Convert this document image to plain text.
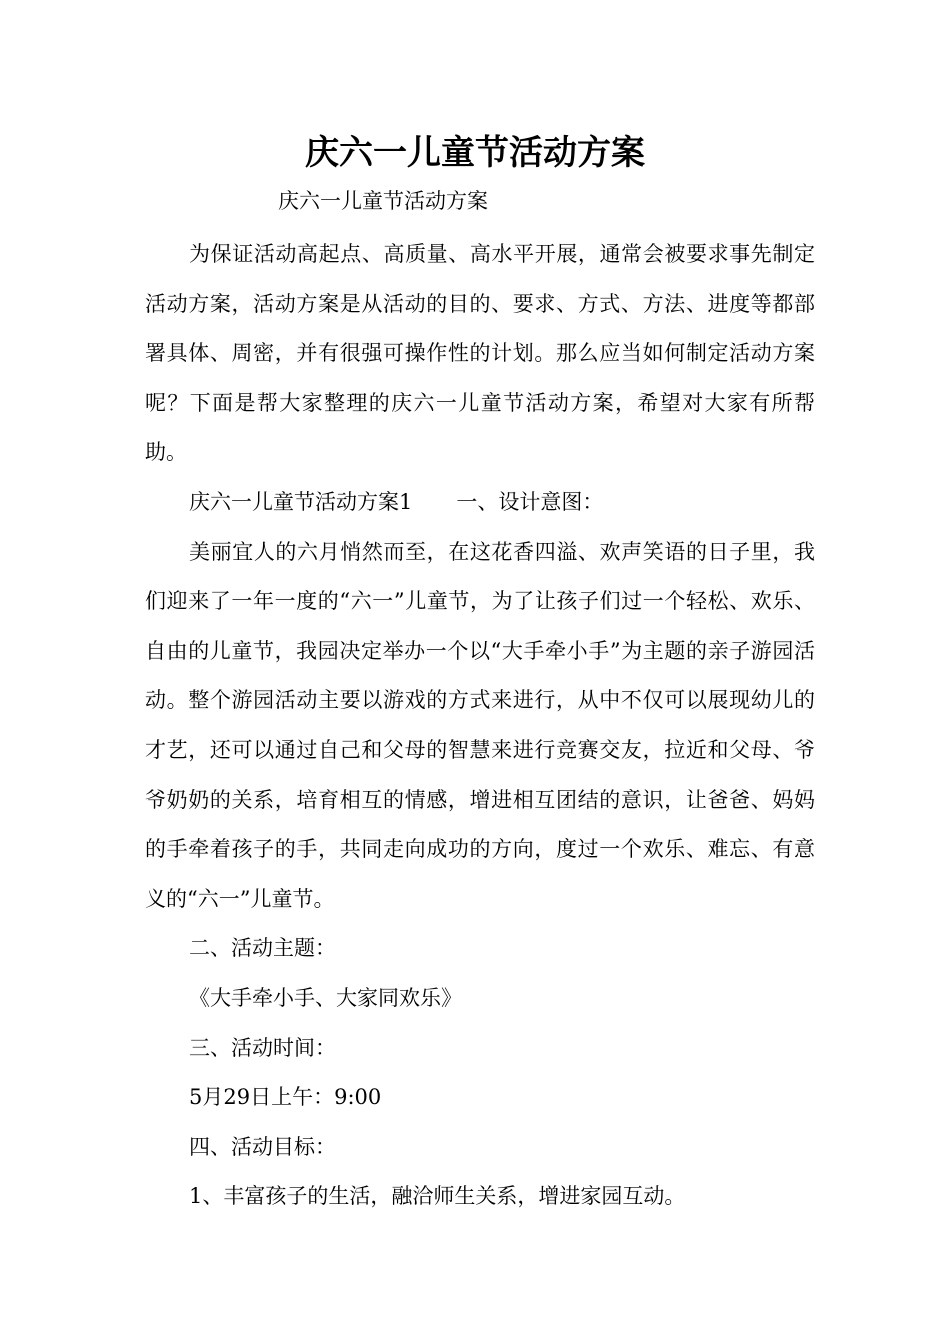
庆六一儿童节活动方案

庆六一儿童节活动方案

为保证活动高起点、高质量、高水平开展，通常会被要求事先制定活动方案，活动方案是从活动的目的、要求、方式、方法、进度等都部署具体、周密，并有很强可操作性的计划。那么应当如何制定活动方案呢？下面是帮大家整理的庆六一儿童节活动方案，希望对大家有所帮助。

庆六一儿童节活动方案1 一、设计意图：

美丽宜人的六月悄然而至，在这花香四溢、欢声笑语的日子里，我们迎来了一年一度的“六一”儿童节，为了让孩子们过一个轻松、欢乐、自由的儿童节，我园决定举办一个以“大手牵小手”为主题的亲子游园活动。整个游园活动主要以游戏的方式来进行，从中不仅可以展现幼儿的才艺，还可以通过自己和父母的智慧来进行竞赛交友，拉近和父母、爷爷奶奶的关系，培育相互的情感，增进相互团结的意识，让爸爸、妈妈的手牵着孩子的手，共同走向成功的方向，度过一个欢乐、难忘、有意义的“六一”儿童节。

二、活动主题：

《大手牵小手、大家同欢乐》

三、活动时间：

5月29日上午：9:00

四、活动目标：

1、丰富孩子的生活，融洽师生关系，增进家园互动。
